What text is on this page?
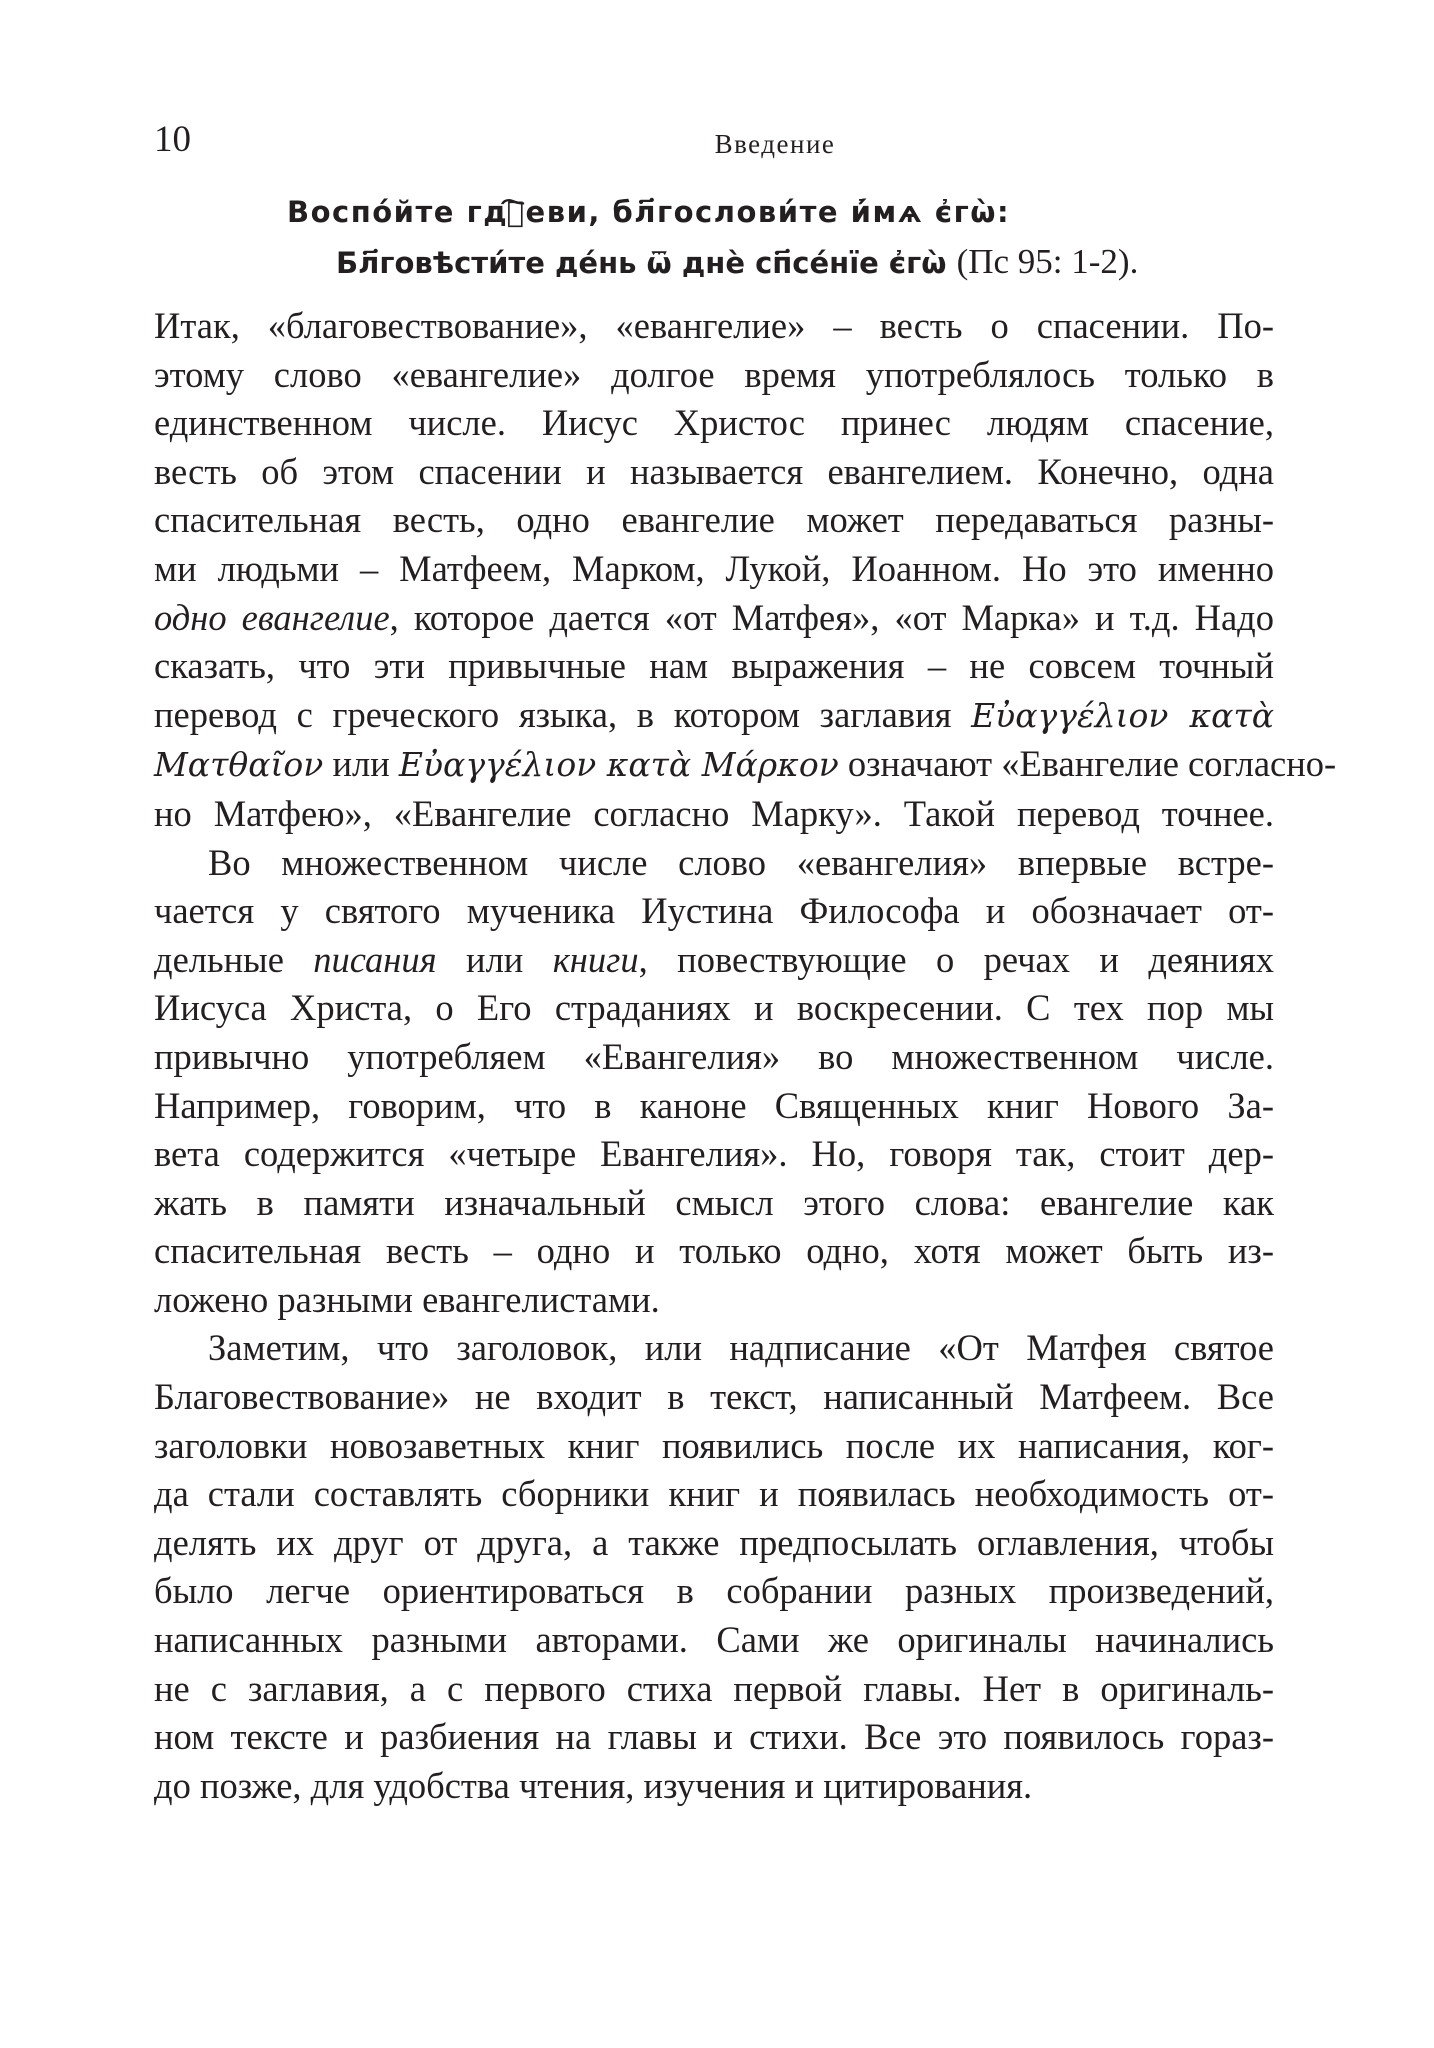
10	Введение
Воспо́йте гдⷭ҇еви, бл҃гослови́те и҆́мѧ є҆гѡ̀:
Бл҃говѣсти́те де́нь ѿ днѐ сп҃се́нїе є҆гѡ̀ (Пс 95: 1-2).
Итак, «благовествование», «евангелие» – весть о спасении. По-
этому слово «евангелие» долгое время употреблялось только в
единственном числе. Иисус Христос принес людям спасение,
весть об этом спасении и называется евангелием. Конечно, одна
спасительная весть, одно евангелие может передаваться разны-
ми людьми – Матфеем, Марком, Лукой, Иоанном. Но это именно
одно евангелие, которое дается «от Матфея», «от Марка» и т.д. Надо
сказать, что эти привычные нам выражения – не совсем точный
перевод с греческого языка, в котором заглавия Εὐαγγέλιον κατὰ
Ματθαῖον или Εὐαγγέλιον κατὰ Μάρκον означают «Евангелие согласно-
но Матфею», «Евангелие согласно Марку». Такой перевод точнее.
Во множественном числе слово «евангелия» впервые встре-
чается у святого мученика Иустина Философа и обозначает от-
дельные писания или книги, повествующие о речах и деяниях
Иисуса Христа, о Его страданиях и воскресении. С тех пор мы
привычно употребляем «Евангелия» во множественном числе.
Например, говорим, что в каноне Священных книг Нового За-
вета содержится «четыре Евангелия». Но, говоря так, стоит дер-
жать в памяти изначальный смысл этого слова: евангелие как
спасительная весть – одно и только одно, хотя может быть из-
ложено разными евангелистами.
Заметим, что заголовок, или надписание «От Матфея святое
Благовествование» не входит в текст, написанный Матфеем. Все
заголовки новозаветных книг появились после их написания, ког-
да стали составлять сборники книг и появилась необходимость от-
делять их друг от друга, а также предпосылать оглавления, чтобы
было легче ориентироваться в собрании разных произведений,
написанных разными авторами. Сами же оригиналы начинались
не с заглавия, а с первого стиха первой главы. Нет в оригиналь-
ном тексте и разбиения на главы и стихи. Все это появилось гораз-
до позже, для удобства чтения, изучения и цитирования.
